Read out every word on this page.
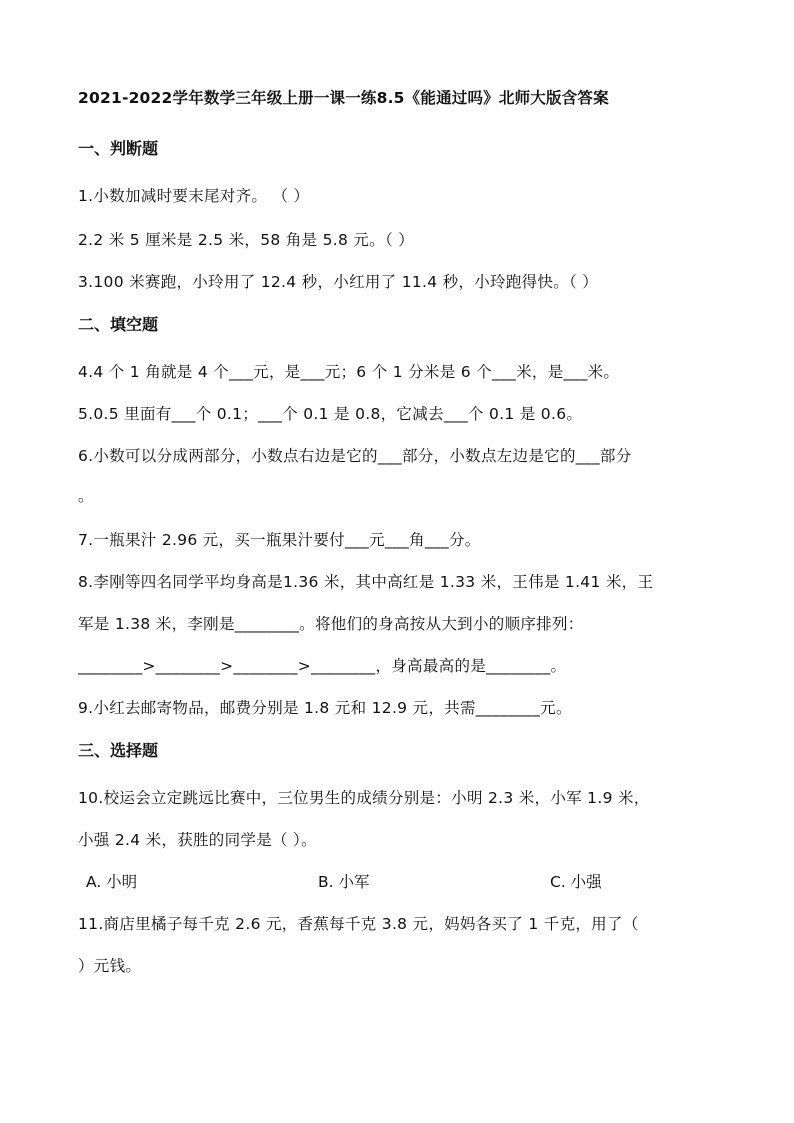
2021-2022学年数学三年级上册一课一练8.5《能通过吗》北师大版含答案
一、判断题
1.小数加减时要末尾对齐。 （ ）
2.2 米 5 厘米是 2.5 米，58 角是 5.8 元。（ ）
3.100 米赛跑，小玲用了 12.4 秒，小红用了 11.4 秒，小玲跑得快。（ ）
二、填空题
4.4 个 1 角就是 4 个___元，是___元；6 个 1 分米是 6 个___米，是___米。
5.0.5 里面有___个 0.1；___个 0.1 是 0.8，它减去___个 0.1 是 0.6。
6.小数可以分成两部分，小数点右边是它的___部分，小数点左边是它的___部分
。
7.一瓶果汁 2.96 元，买一瓶果汁要付___元___角___分。
8.李刚等四名同学平均身高是1.36 米，其中高红是 1.33 米，王伟是 1.41 米，王
军是 1.38 米，李刚是________。将他们的身高按从大到小的顺序排列：
________>________>________>________，身高最高的是________。
9.小红去邮寄物品，邮费分别是 1.8 元和 12.9 元，共需________元。
三、选择题
10.校运会立定跳远比赛中，三位男生的成绩分别是：小明 2.3 米，小军 1.9 米，
小强 2.4 米，获胜的同学是（ ）。
A. 小明	B. 小军	C. 小强
11.商店里橘子每千克 2.6 元，香蕉每千克 3.8 元，妈妈各买了 1 千克，用了（
）元钱。
